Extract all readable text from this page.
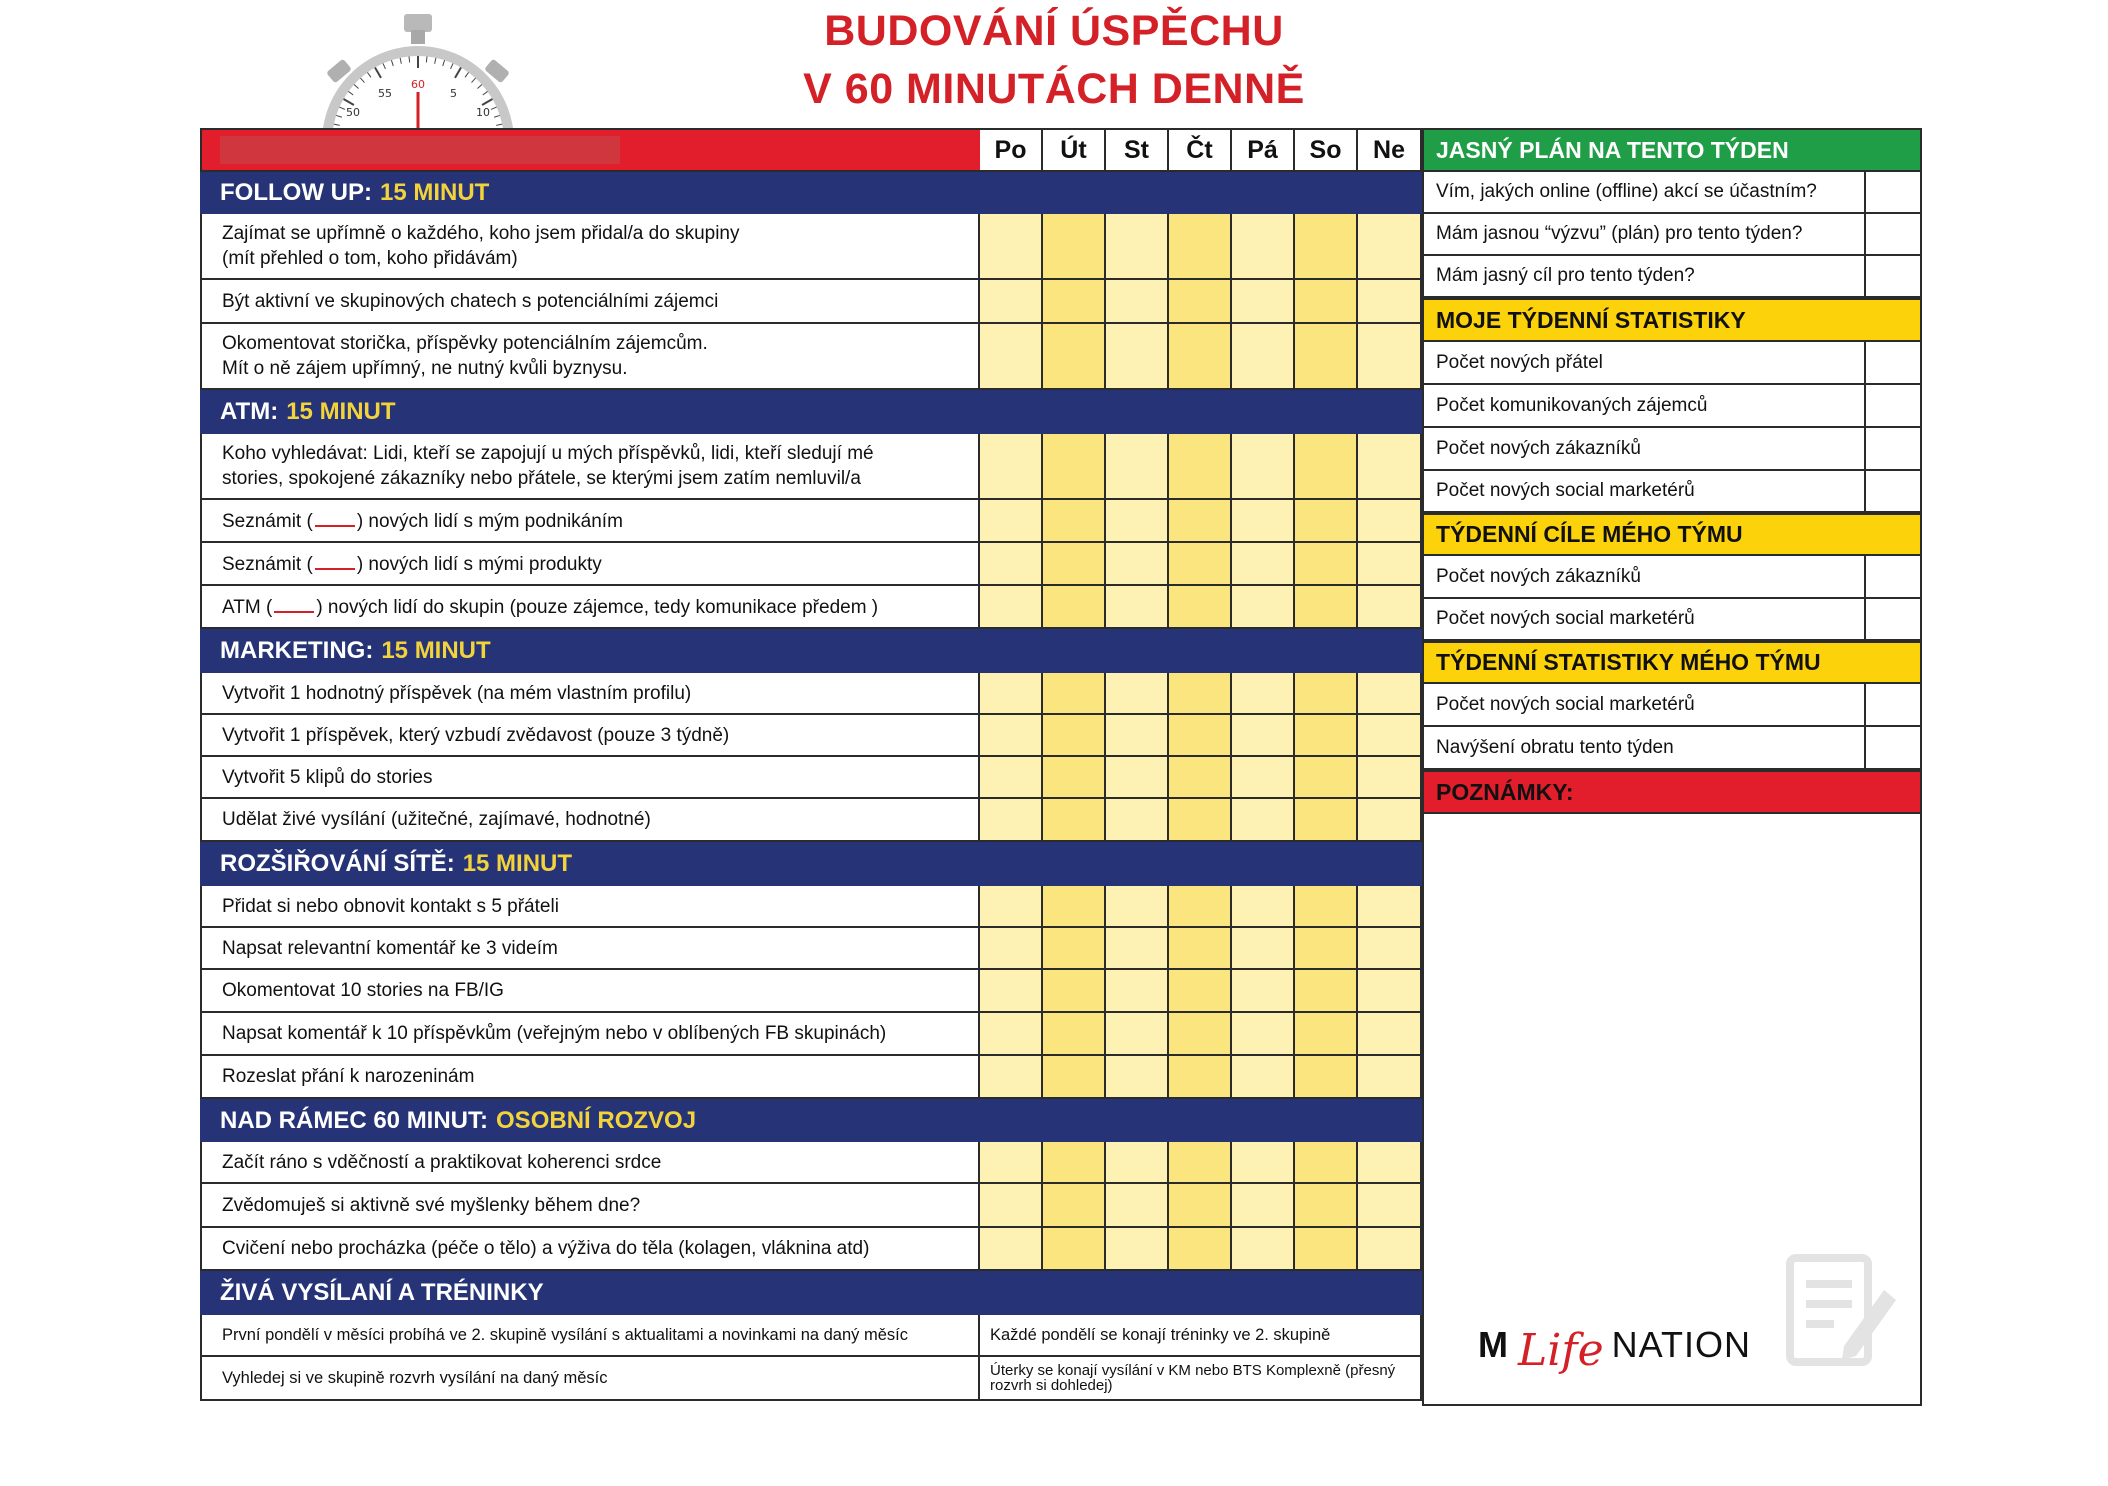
BUDOVÁNÍ ÚSPĚCHU
V 60 MINUTÁCH DENNĚ
50
55
60
5
10
Po	Út	St	Čt	Pá	So	Ne
FOLLOW UP: 15 MINUT
Zajímat se upřímně o každého, koho jsem přidal/a do skupiny
(mít přehled o tom, koho přidávám)
Být aktivní ve skupinových chatech s potenciálními zájemci
Okomentovat storička, příspěvky potenciálním zájemcům.
Mít o ně zájem upřímný, ne nutný kvůli byznysu.
ATM: 15 MINUT
Koho vyhledávat: Lidi, kteří se zapojují u mých příspěvků, lidi, kteří sledují mé
stories, spokojené zákazníky nebo přátele, se kterými jsem zatím nemluvil/a
Seznámit ( ) nových lidí s mým podnikáním
Seznámit ( ) nových lidí s mými produkty
ATM ( ) nových lidí do skupin (pouze zájemce, tedy komunikace předem )
MARKETING: 15 MINUT
Vytvořit 1 hodnotný příspěvek (na mém vlastním profilu)
Vytvořit 1 příspěvek, který vzbudí zvědavost (pouze 3 týdně)
Vytvořit 5 klipů do stories
Udělat živé vysílání (užitečné, zajímavé, hodnotné)
ROZŠIŘOVÁNÍ SÍTĚ: 15 MINUT
Přidat si nebo obnovit kontakt s 5 přáteli
Napsat relevantní komentář ke 3 videím
Okomentovat 10 stories na FB/IG
Napsat komentář k 10 příspěvkům (veřejným nebo v oblíbených FB skupinách)
Rozeslat přání k narozeninám
NAD RÁMEC 60 MINUT: OSOBNÍ ROZVOJ
Začít ráno s vděčností a praktikovat koherenci srdce
Zvědomuješ si aktivně své myšlenky během dne?
Cvičení nebo procházka (péče o tělo) a výživa do těla (kolagen, vláknina atd)
ŽIVÁ VYSÍLANÍ A TRÉNINKY
První pondělí v měsíci probíhá ve 2. skupině vysílání s aktualitami a novinkami na daný měsíc	Každé pondělí se konají tréninky ve 2. skupině
Vyhledej si ve skupině rozvrh vysílání na daný měsíc	Úterky se konají vysílání v KM nebo BTS Komplexně (přesný rozvrh si dohledej)
JASNÝ PLÁN NA TENTO TÝDEN
Vím, jakých online (offline) akcí se účastním?
Mám jasnou “výzvu” (plán) pro tento týden?
Mám jasný cíl pro tento týden?
MOJE TÝDENNÍ STATISTIKY
Počet nových přátel
Počet komunikovaných zájemců
Počet nových zákazníků
Počet nových social marketérů
TÝDENNÍ CÍLE MÉHO TÝMU
Počet nových zákazníků
Počet nových social marketérů
TÝDENNÍ STATISTIKY MÉHO TÝMU
Počet nových social marketérů
Navýšení obratu tento týden
POZNÁMKY:
M Life NATION
